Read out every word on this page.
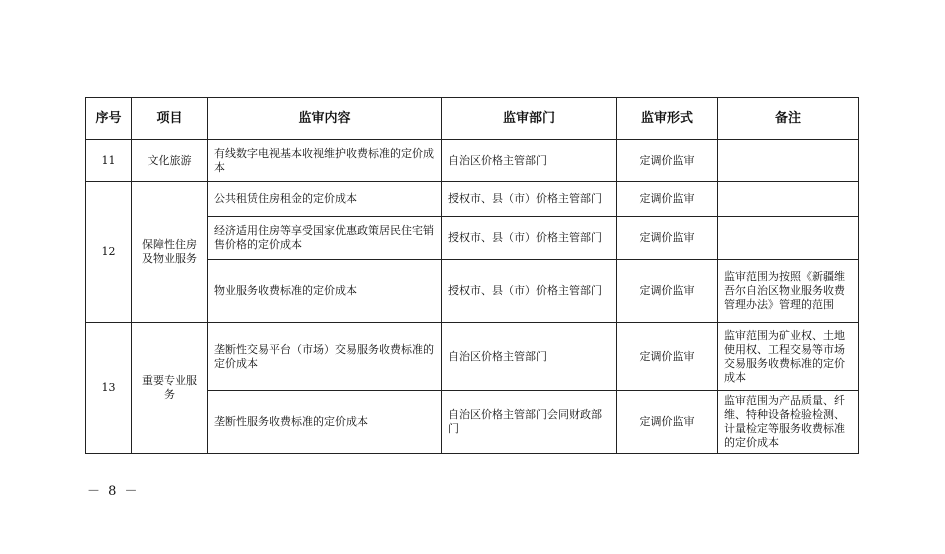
序号	项目	监审内容	监审部门	监审形式	备注
11	文化旅游	有线数字电视基本收视维护收费标准的定价成本	自治区价格主管部门	定调价监审	
12	保障性住房及物业服务	公共租赁住房租金的定价成本	授权市、县（市）价格主管部门	定调价监审	
		经济适用住房等享受国家优惠政策居民住宅销售价格的定价成本	授权市、县（市）价格主管部门	定调价监审	
		物业服务收费标准的定价成本	授权市、县（市）价格主管部门	定调价监审	监审范围为按照《新疆维吾尔自治区物业服务收费管理办法》管理的范围
13	重要专业服务	垄断性交易平台（市场）交易服务收费标准的定价成本	自治区价格主管部门	定调价监审	监审范围为矿业权、土地使用权、工程交易等市场交易服务收费标准的定价成本
		垄断性服务收费标准的定价成本	自治区价格主管部门会同财政部门	定调价监审	监审范围为产品质量、纤维、特种设备检验检测、计量检定等服务收费标准的定价成本
－ 8 －
